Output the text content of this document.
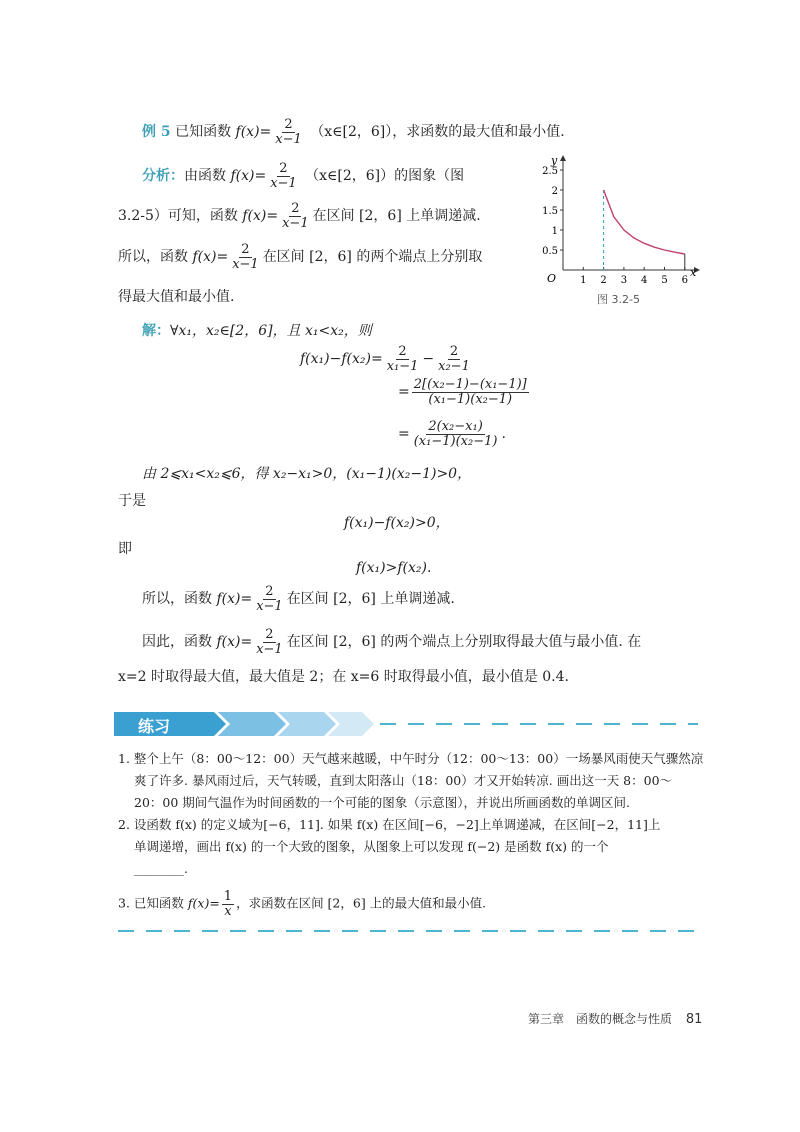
例 5 已知函数 $f(x)= \frac{2}{x-1}$ （x∈[2，6]），求函数的最大值和最小值.
分析：由函数 $f(x)= \frac{2}{x-1}$ （x∈[2，6]）的图象（图
3.2-5）可知，函数 $f(x)= \frac{2}{x-1}$ 在区间 [2，6] 上单调递减.
所以，函数 $f(x)= \frac{2}{x-1}$ 在区间 [2，6] 的两个端点上分别取
得最大值和最小值.
y
x
O
2.5
2
1.5
1
0.5
1 2 3 4 5 6
图 3.2-5
解：∀x₁，x₂∈[2，6]，且 x₁<x₂，则
$f(x_1)-f(x_2)= \frac{2}{\text{x₁−1}} - \frac{2}{\text{x₂−1}}$
= $\frac{\text{2[(x₂−1)−(x₁−1)]}}{\text{(x₁−1)(x₂−1)}}$
= $\frac{\text{2(x₂−x₁)}}{\text{(x₁−1)(x₂−1)}}$ .
由 2⩽x₁<x₂⩽6，得 x₂−x₁>0，(x₁−1)(x₂−1)>0，
于是
f(x₁)−f(x₂)>0，
即
f(x₁)>f(x₂).
所以，函数 $f(x)= \frac{2}{x-1}$ 在区间 [2，6] 上单调递减.
因此，函数 $f(x)= \frac{2}{x-1}$ 在区间 [2，6] 的两个端点上分别取得最大值与最小值. 在
x=2 时取得最大值，最大值是 2；在 x=6 时取得最小值，最小值是 0.4.
练习
1. 整个上午（8：00～12：00）天气越来越暖，中午时分（12：00～13：00）一场暴风雨使天气骤然凉
爽了许多. 暴风雨过后，天气转暖，直到太阳落山（18：00）才又开始转凉. 画出这一天 8：00～
20：00 期间气温作为时间函数的一个可能的图象（示意图），并说出所画函数的单调区间.
2. 设函数 f(x) 的定义域为[−6，11]. 如果 f(x) 在区间[−6，−2]上单调递减，在区间[−2，11]上
单调递增，画出 f(x) 的一个大致的图象，从图象上可以发现 f(−2) 是函数 f(x) 的一个
________.
3. 已知函数 $f(x)= \frac{1}{x}$ ，求函数在区间 [2，6] 上的最大值和最小值.
第三章　函数的概念与性质 81
